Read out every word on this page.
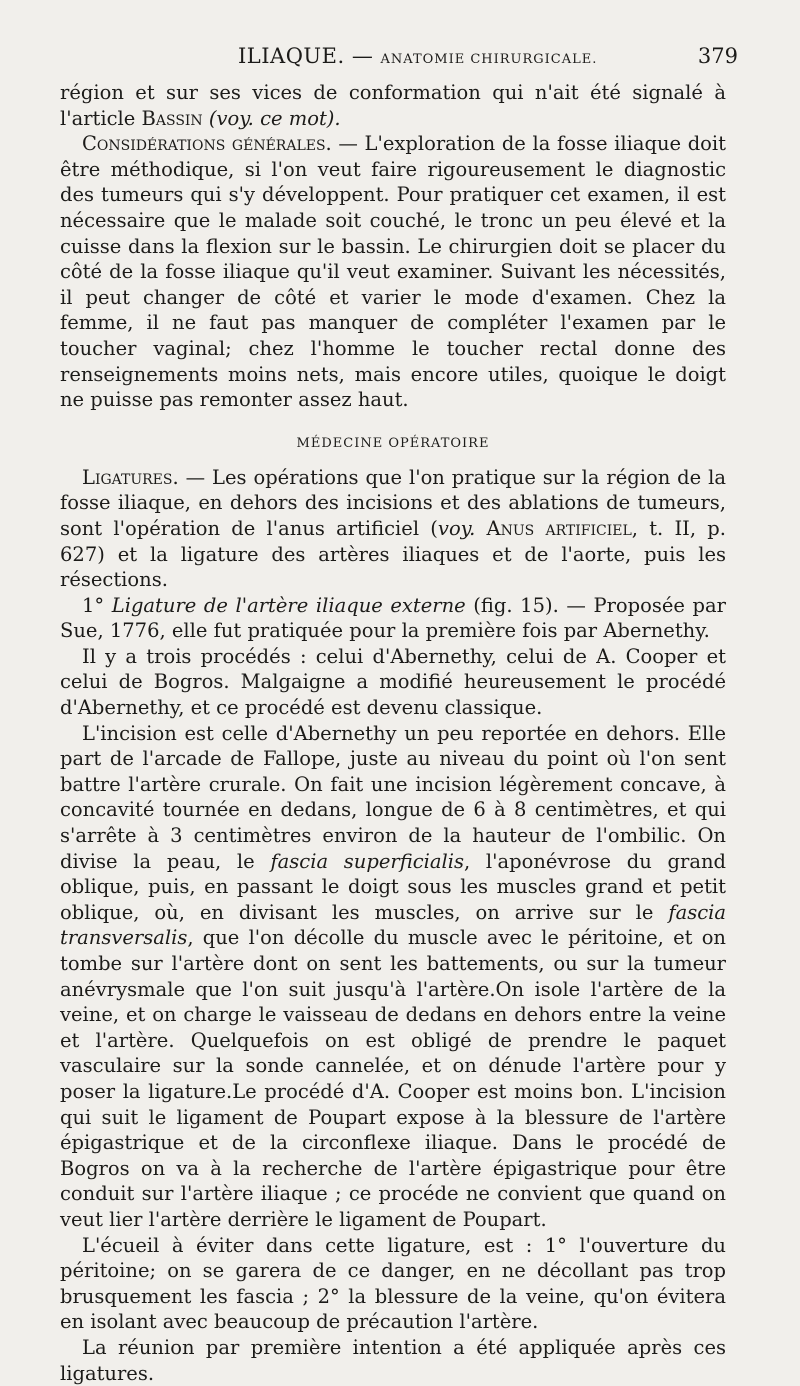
ILIAQUE. — ANATOMIE CHIRURGICALE.	379

région et sur ses vices de conformation qui n'ait été signalé à l'article Bassin (voy. ce mot).

Considérations générales. — L'exploration de la fosse iliaque doit être méthodique, si l'on veut faire rigoureusement le diagnostic des tumeurs qui s'y développent. Pour pratiquer cet examen, il est nécessaire que le malade soit couché, le tronc un peu élevé et la cuisse dans la flexion sur le bassin. Le chirurgien doit se placer du côté de la fosse iliaque qu'il veut examiner. Suivant les nécessités, il peut changer de côté et varier le mode d'examen. Chez la femme, il ne faut pas manquer de compléter l'examen par le toucher vaginal; chez l'homme le toucher rectal donne des renseignements moins nets, mais encore utiles, quoique le doigt ne puisse pas remonter assez haut.

MÉDECINE OPÉRATOIRE

Ligatures. — Les opérations que l'on pratique sur la région de la fosse iliaque, en dehors des incisions et des ablations de tumeurs, sont l'opération de l'anus artificiel (voy. Anus artificiel, t. II, p. 627) et la ligature des artères iliaques et de l'aorte, puis les résections.

1° Ligature de l'artère iliaque externe (fig. 15). — Proposée par Sue, 1776, elle fut pratiquée pour la première fois par Abernethy.

Il y a trois procédés : celui d'Abernethy, celui de A. Cooper et celui de Bogros. Malgaigne a modifié heureusement le procédé d'Abernethy, et ce procédé est devenu classique.

L'incision est celle d'Abernethy un peu reportée en dehors. Elle part de l'arcade de Fallope, juste au niveau du point où l'on sent battre l'artère crurale. On fait une incision légèrement concave, à concavité tournée en dedans, longue de 6 à 8 centimètres, et qui s'arrête à 3 centimètres environ de la hauteur de l'ombilic. On divise la peau, le fascia superficialis, l'aponévrose du grand oblique, puis, en passant le doigt sous les muscles grand et petit oblique, où, en divisant les muscles, on arrive sur le fascia transversalis, que l'on décolle du muscle avec le péritoine, et on tombe sur l'artère dont on sent les battements, ou sur la tumeur anévrysmale que l'on suit jusqu'à l'artère.On isole l'artère de la veine, et on charge le vaisseau de dedans en dehors entre la veine et l'artère. Quelquefois on est obligé de prendre le paquet vasculaire sur la sonde cannelée, et on dénude l'artère pour y poser la ligature.Le procédé d'A. Cooper est moins bon. L'incision qui suit le ligament de Poupart expose à la blessure de l'artère épigastrique et de la circonflexe iliaque. Dans le procédé de Bogros on va à la recherche de l'artère épigastrique pour être conduit sur l'artère iliaque ; ce procéde ne convient que quand on veut lier l'artère derrière le ligament de Poupart.

L'écueil à éviter dans cette ligature, est : 1° l'ouverture du péritoine; on se garera de ce danger, en ne décollant pas trop brusquement les fascia ; 2° la blessure de la veine, qu'on évitera en isolant avec beaucoup de précaution l'artère.

La réunion par première intention a été appliquée après ces ligatures.
